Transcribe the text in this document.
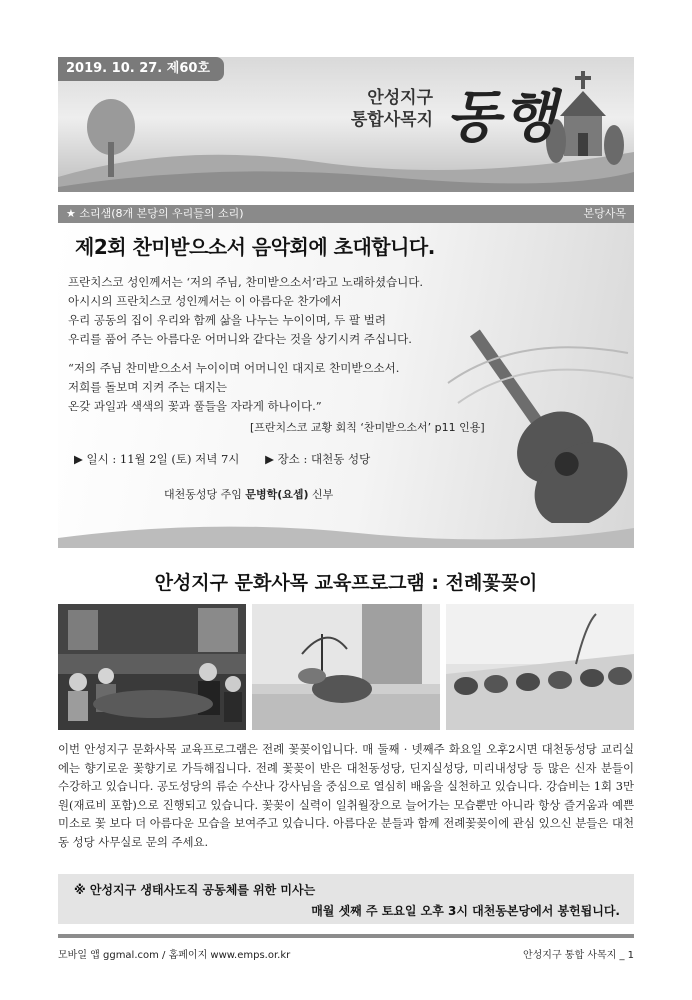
2019. 10. 27. 제60호
안성지구
통합사목지 동행
★ 소리샘(8개 본당의 우리들의 소리)	본당사목
제2회 찬미받으소서 음악회에 초대합니다.
프란치스코 성인께서는 ‘저의 주님, 찬미받으소서’라고 노래하셨습니다.
아시시의 프란치스코 성인께서는 이 아름다운 찬가에서
우리 공동의 집이 우리와 함께 삶을 나누는 누이이며, 두 팔 벌려
우리를 품어 주는 아름다운 어머니와 같다는 것을 상기시켜 주십니다.
“저의 주님 찬미받으소서 누이이며 어머니인 대지로 찬미받으소서.
저희를 돌보며 지켜 주는 대지는
온갖 과일과 색색의 꽃과 풀들을 자라게 하나이다.”
[프란치스코 교황 회칙 ‘찬미받으소서’ p11 인용]
▶ 일시 : 11월 2일 (토) 저녁 7시 ▶ 장소 : 대천동 성당
대천동성당 주임 문병학(요셉) 신부
안성지구 문화사목 교육프로그램 : 전례꽃꽂이

이번 안성지구 문화사목 교육프로그램은 전례 꽃꽂이입니다. 매 둘째 · 넷째주 화요일 오후2시면 대천동성당 교리실에는 향기로운 꽃향기로 가득해집니다. 전례 꽃꽂이 반은 대천동성당, 딘지실성당, 미리내성당 등 많은 신자 분들이 수강하고 있습니다. 공도성당의 류순 수산나 강사님을 중심으로 열심히 배움을 실천하고 있습니다. 강습비는 1회 3만원(재료비 포함)으로 진행되고 있습니다. 꽃꽂이 실력이 일취월장으로 늘어가는 모습뿐만 아니라 항상 즐거움과 예쁜 미소로 꽃 보다 더 아름다운 모습을 보여주고 있습니다. 아름다운 분들과 함께 전례꽃꽂이에 관심 있으신 분들은 대천동 성당 사무실로 문의 주세요.

※ 안성지구 생태사도직 공동체를 위한 미사는
매월 셋째 주 토요일 오후 3시 대천동본당에서 봉헌됩니다.
모바일 앱 ggmal.com / 홈페이지 www.emps.or.kr	안성지구 통합 사목지 _ 1
